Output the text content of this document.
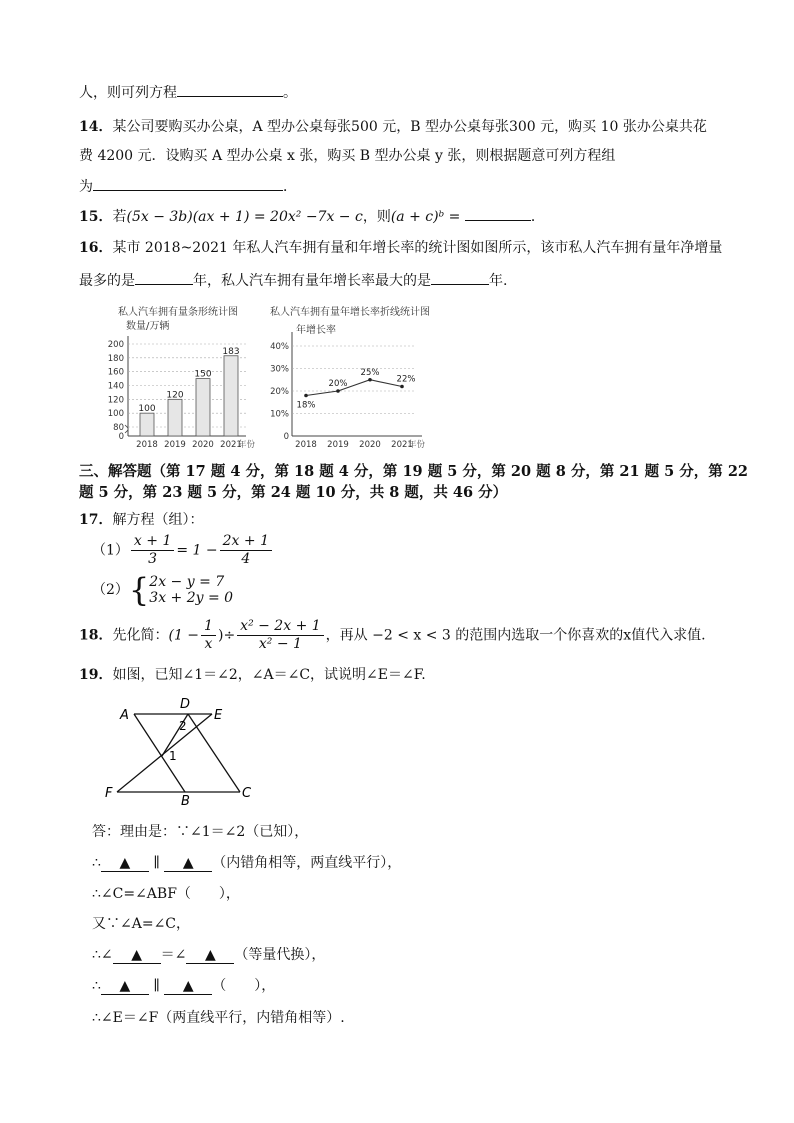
人，则可列方程	。
14．某公司要购买办公桌，A 型办公桌每张500 元，B 型办公桌每张300 元，购买 10 张办公桌共花
费 4200 元．设购买 A 型办公桌 x 张，购买 B 型办公桌 y 张，则根据题意可列方程组
为	．
15．若(5x − 3b)(ax + 1) = 20x² −7x − c，则(a + c)ᵇ =	．
16．某市 2018~2021 年私人汽车拥有量和年增长率的统计图如图所示，该市私人汽车拥有量年净增量
最多的是	年，私人汽车拥有量年增长率最大的是	年.
私人汽车拥有量条形统计图
数量/万辆
0
80
100
120
140
160
180
200
100
2018
120
2019
150
2020
183
2021
年份
私人汽车拥有量年增长率折线统计图
年增长率
0
10%
20%
30%
40%
18%
2018
20%
2019
25%
2020
22%
2021
年份
三、解答题（第 17 题 4 分，第 18 题 4 分，第 19 题 5 分，第 20 题 8 分，第 21 题 5 分，第 22
题 5 分，第 23 题 5 分，第 24 题 10 分，共 8 题，共 46 分）
17．解方程（组）：
$(1) \frac{x + 1}{3} = 1 - \frac{2x + 1}{4}$
（2）{ 2x − y = 7
3x + 2y = 0
18．先化简：($1 - \frac{1}{x}$ )÷ $\frac{\text{x² − 2x + 1}}{\text{x² − 1}}$ ，再从 −2 < x < 3 的范围内选取一个你喜欢的x值代入求值.
19．如图，已知∠1＝∠2，∠A＝∠C，试说明∠E＝∠F.
A
D
E
F
B
C
1
2
答：理由是：∵∠1＝∠2（已知），
∴ ▲ ∥ ▲ （内错角相等，两直线平行），
∴∠C=∠ABF（　　），
又∵∠A=∠C，
∴∠ ▲ ＝∠ ▲ （等量代换），
∴ ▲ ∥ ▲ （　　），
∴∠E＝∠F（两直线平行，内错角相等）.
